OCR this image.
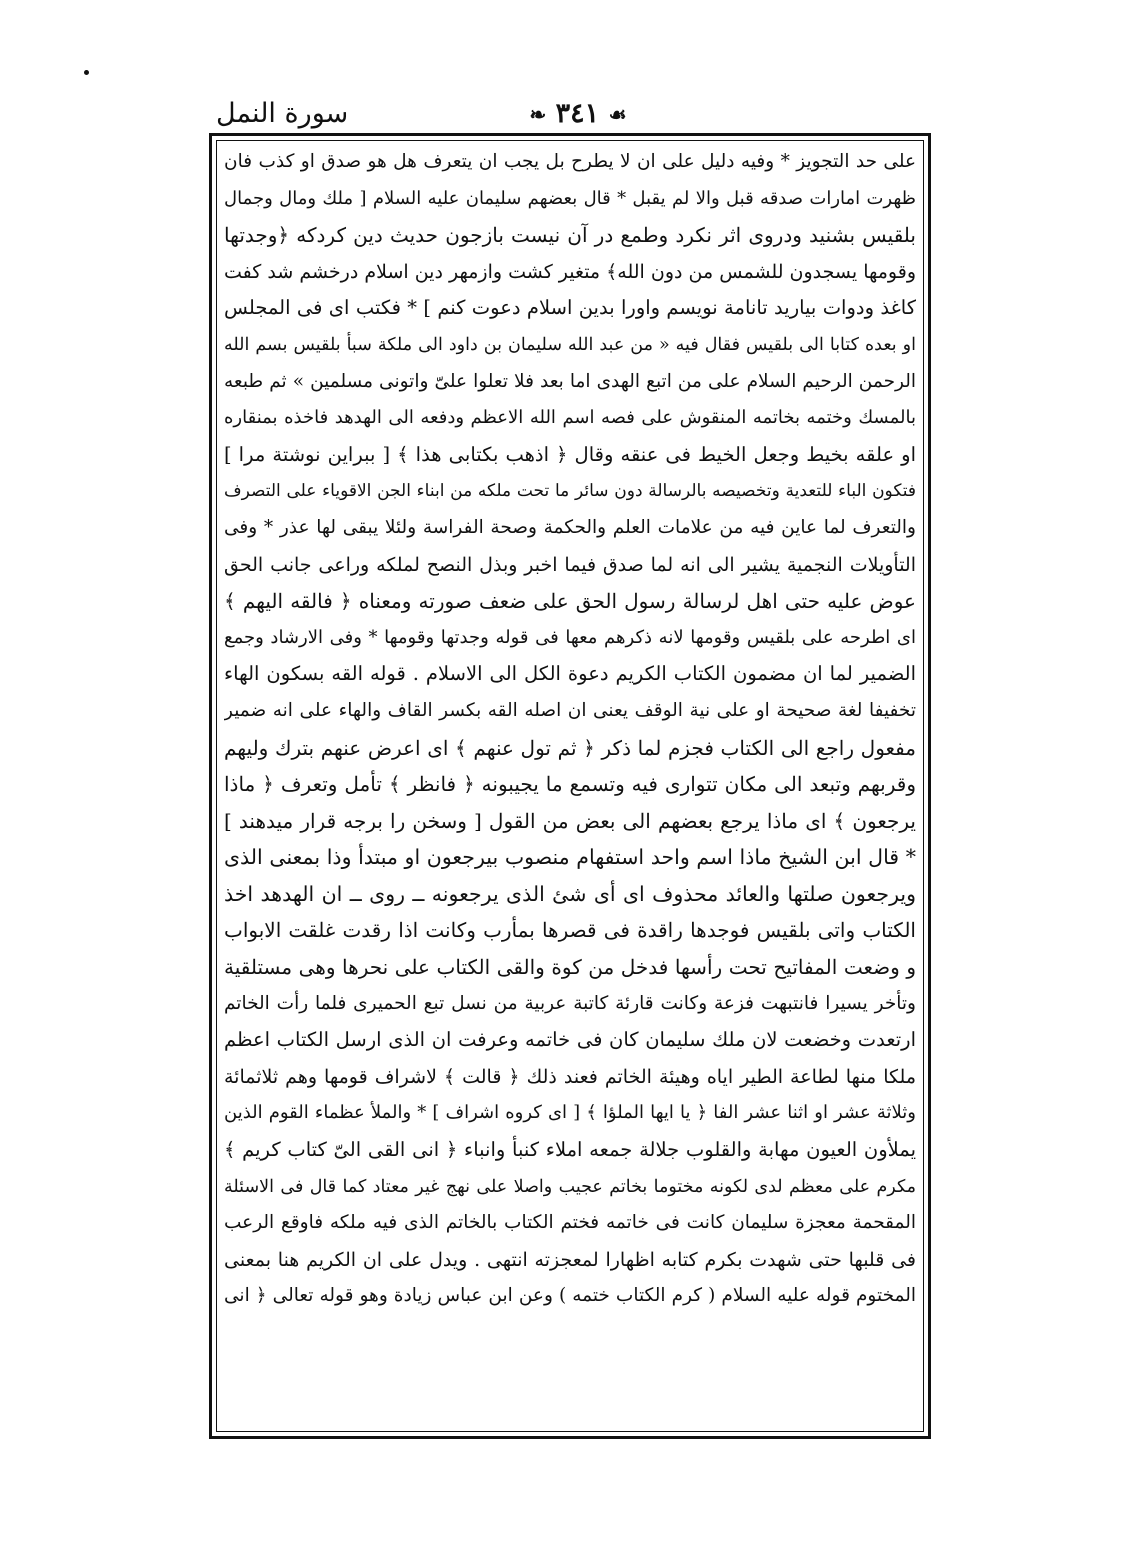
سورة النمل	❧ ٣٤١ ☙
على حد التجويز * وفيه دليل على ان لا يطرح بل يجب ان يتعرف هل هو صدق او كذب فان
ظهرت امارات صدقه قبل والا لم يقبل * قال بعضهم سليمان عليه السلام [ ملك ومال وجمال
بلقيس بشنيد ودروى اثر نكرد وطمع در آن نيست بازجون حديث دين كردكه ﴿وجدتها
وقومها يسجدون للشمس من دون الله﴾ متغير كشت وازمهر دين اسلام درخشم شد كفت
كاغذ ودوات بياريد تانامة نويسم واورا بدين اسلام دعوت كنم ] * فكتب اى فى المجلس
او بعده كتابا الى بلقيس فقال فيه « من عبد الله سليمان بن داود الى ملكة سبأ بلقيس بسم الله
الرحمن الرحيم السلام على من اتبع الهدى اما بعد فلا تعلوا علىّ واتونى مسلمين » ثم طبعه
بالمسك وختمه بخاتمه المنقوش على فصه اسم الله الاعظم ودفعه الى الهدهد فاخذه بمنقاره
او علقه بخيط وجعل الخيط فى عنقه وقال ﴿ اذهب بكتابى هذا ﴾ [ ببراين نوشتة مرا ]
فتكون الباء للتعدية وتخصيصه بالرسالة دون سائر ما تحت ملكه من ابناء الجن الاقوياء على التصرف
والتعرف لما عاين فيه من علامات العلم والحكمة وصحة الفراسة ولئلا يبقى لها عذر * وفى
التأويلات النجمية يشير الى انه لما صدق فيما اخبر وبذل النصح لملكه وراعى جانب الحق
عوض عليه حتى اهل لرسالة رسول الحق على ضعف صورته ومعناه ﴿ فالقه اليهم ﴾
اى اطرحه على بلقيس وقومها لانه ذكرهم معها فى قوله وجدتها وقومها * وفى الارشاد وجمع
الضمير لما ان مضمون الكتاب الكريم دعوة الكل الى الاسلام . قوله القه بسكون الهاء
تخفيفا لغة صحيحة او على نية الوقف يعنى ان اصله القه بكسر القاف والهاء على انه ضمير
مفعول راجع الى الكتاب فجزم لما ذكر ﴿ ثم تول عنهم ﴾ اى اعرض عنهم بترك وليهم
وقربهم وتبعد الى مكان تتوارى فيه وتسمع ما يجيبونه ﴿ فانظر ﴾ تأمل وتعرف ﴿ ماذا
يرجعون ﴾ اى ماذا يرجع بعضهم الى بعض من القول [ وسخن را برجه قرار ميدهند ]
* قال ابن الشيخ ماذا اسم واحد استفهام منصوب بيرجعون او مبتدأ وذا بمعنى الذى
ويرجعون صلتها والعائد محذوف اى أى شئ الذى يرجعونه ــ روى ــ ان الهدهد اخذ
الكتاب واتى بلقيس فوجدها راقدة فى قصرها بمأرب وكانت اذا رقدت غلقت الابواب
و وضعت المفاتيح تحت رأسها فدخل من كوة والقى الكتاب على نحرها وهى مستلقية
وتأخر يسيرا فانتبهت فزعة وكانت قارئة كاتبة عربية من نسل تبع الحميرى فلما رأت الخاتم
ارتعدت وخضعت لان ملك سليمان كان فى خاتمه وعرفت ان الذى ارسل الكتاب اعظم
ملكا منها لطاعة الطير اياه وهيئة الخاتم فعند ذلك ﴿ قالت ﴾ لاشراف قومها وهم ثلاثمائة
وثلاثة عشر او اثنا عشر الفا ﴿ يا ايها الملؤا ﴾ [ اى كروه اشراف ] * والملأ عظماء القوم الذين
يملأون العيون مهابة والقلوب جلالة جمعه املاء كنبأ وانباء ﴿ انى القى الىّ كتاب كريم ﴾
مكرم على معظم لدى لكونه مختوما بخاتم عجيب واصلا على نهج غير معتاد كما قال فى الاسئلة
المقحمة معجزة سليمان كانت فى خاتمه فختم الكتاب بالخاتم الذى فيه ملكه فاوقع الرعب
فى قلبها حتى شهدت بكرم كتابه اظهارا لمعجزته انتهى . ويدل على ان الكريم هنا بمعنى
المختوم قوله عليه السلام ( كرم الكتاب ختمه ) وعن ابن عباس زيادة وهو قوله تعالى ﴿ انى
